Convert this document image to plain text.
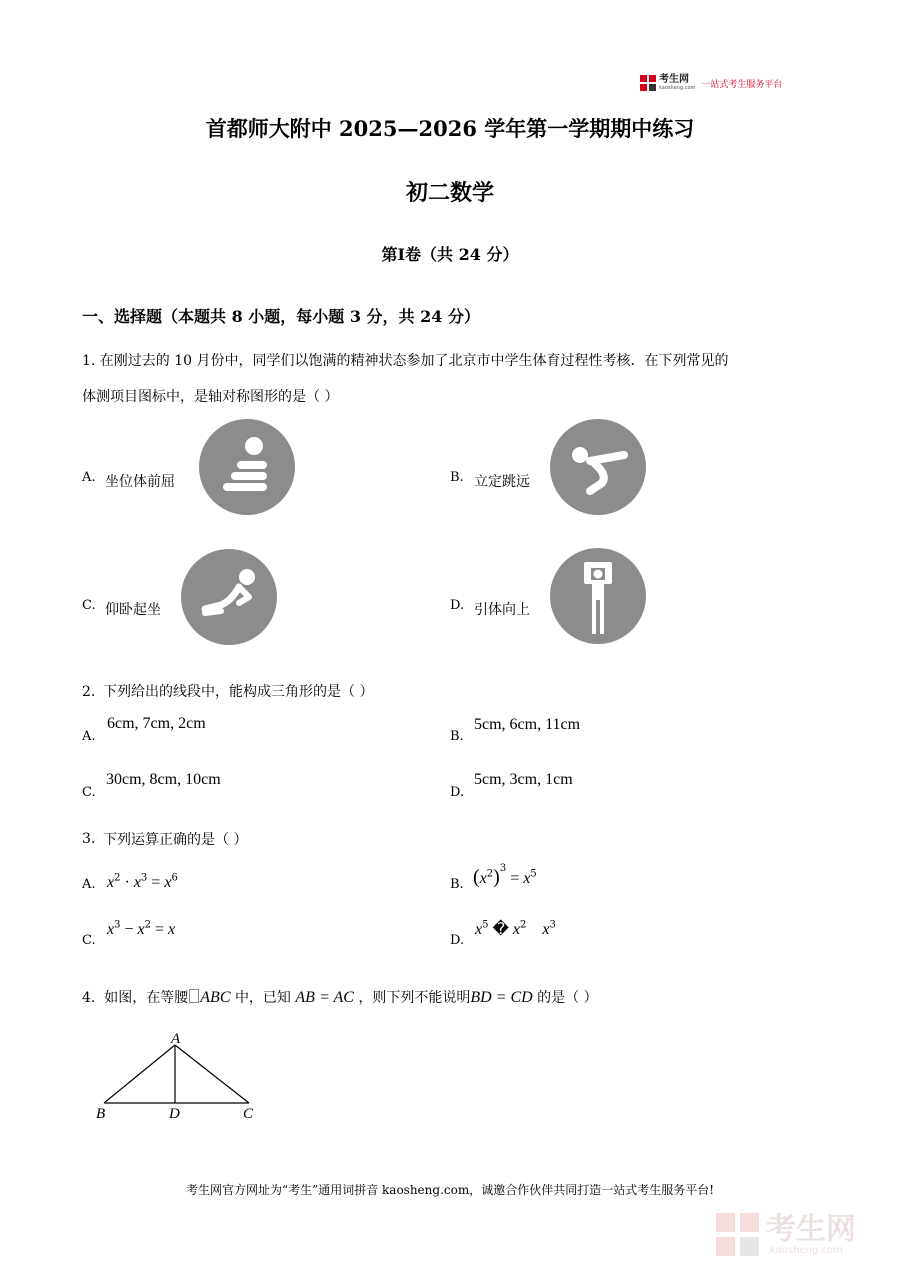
考生网
kaosheng.com 一站式考生服务平台
首都师大附中 2025—2026 学年第一学期期中练习
初二数学
第Ⅰ卷（共 24 分）
一、选择题（本题共 8 小题，每小题 3 分，共 24 分）
1. 在刚过去的 10 月份中，同学们以饱满的精神状态参加了北京市中学生体育过程性考核．在下列常见的
体测项目图标中，是轴对称图形的是（ ）
A. 坐位体前屈	B. 立定跳远
C. 仰卧起坐	D. 引体向上
2. 下列给出的线段中，能构成三角形的是（ ）
A.
6cm, 7cm, 2cm
B.
5cm, 6cm, 11cm
C.
30cm, 8cm, 10cm
D.
5cm, 3cm, 1cm
3. 下列运算正确的是（ ）
A. $x^2 \cdot x^3 = x^6$	B. $(x^2)^3 = x^5$
C.
$x^3 - x^2 = x$
D.
$x^5$ � $x^2$ $x^3$
4. 如图，在等腰 ABC 中，已知 AB = AC ，则下列不能说明BD = CD 的是（ ）
A
B	D	C
考生网官方网址为“考生”通用词拼音 kaosheng.com，诚邀合作伙伴共同打造一站式考生服务平台!
考生网
kaosheng.com
